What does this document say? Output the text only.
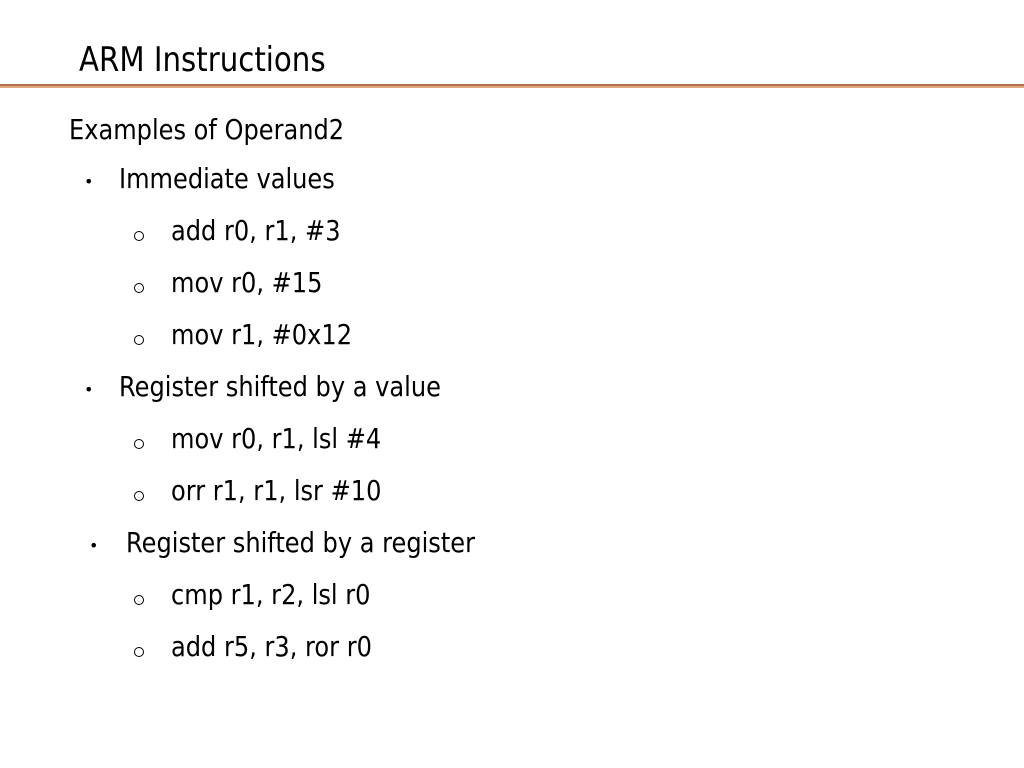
ARM Instructions
Examples of Operand2
• Immediate values
add r0, r1, #3
mov r0, #15
mov r1, #0x12
• Register shifted by a value
mov r0, r1, lsl #4
orr r1, r1, lsr #10
• Register shifted by a register
cmp r1, r2, lsl r0
add r5, r3, ror r0
